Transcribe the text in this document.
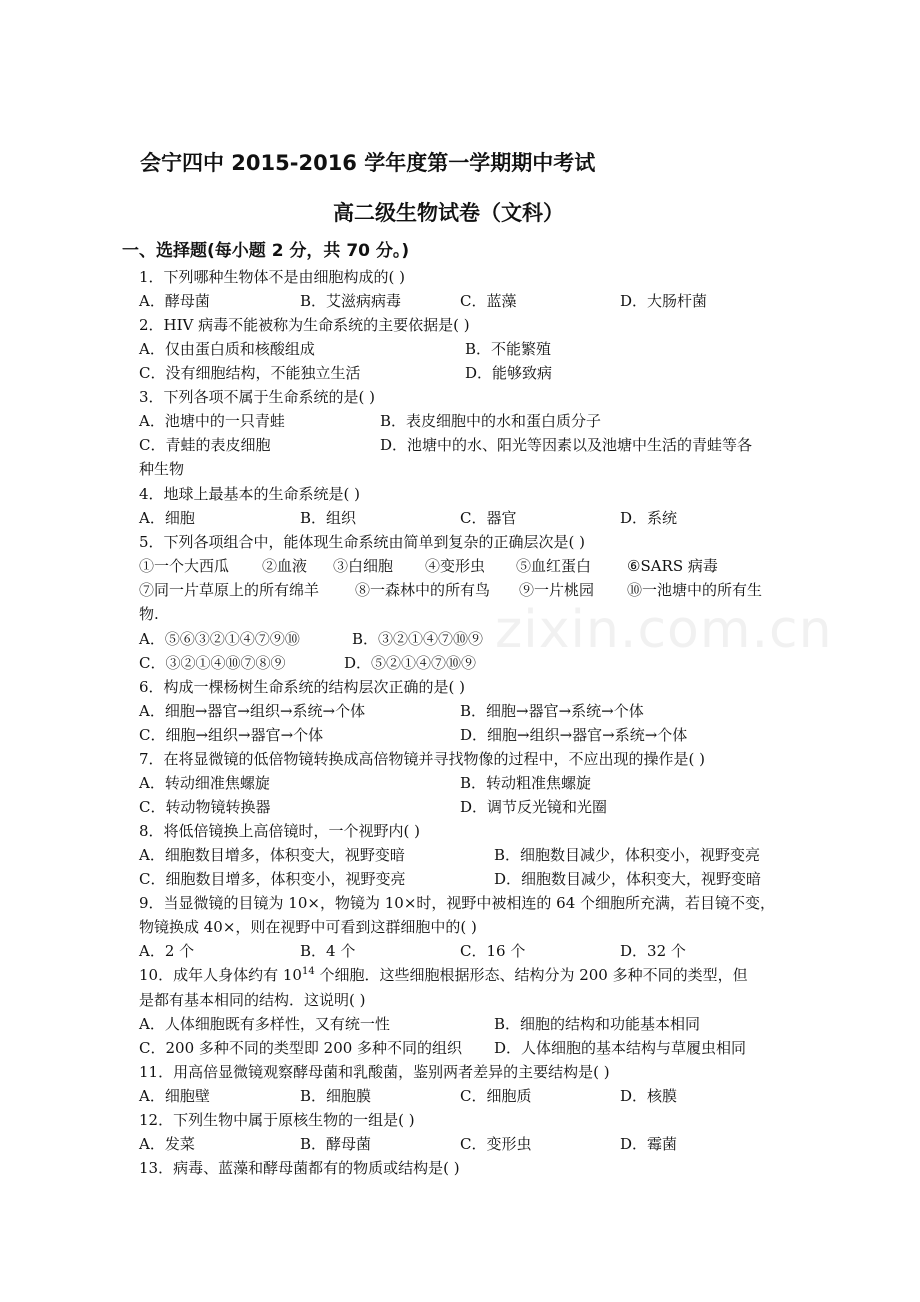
zixin.com.cn
会宁四中 2015-2016 学年度第一学期期中考试
高二级生物试卷（文科）
一、选择题(每小题 2 分，共 70 分。)
1．下列哪种生物体不是由细胞构成的( )
A．酵母菌	B．艾滋病病毒	C．蓝藻	D．大肠杆菌
2．HIV 病毒不能被称为生命系统的主要依据是( )
A．仅由蛋白质和核酸组成	B．不能繁殖
C．没有细胞结构，不能独立生活	D．能够致病
3．下列各项不属于生命系统的是( )
A．池塘中的一只青蛙	B．表皮细胞中的水和蛋白质分子
C．青蛙的表皮细胞	D．池塘中的水、阳光等因素以及池塘中生活的青蛙等各
种生物
4．地球上最基本的生命系统是( )
A．细胞	B．组织	C．器官	D．系统
5．下列各项组合中，能体现生命系统由简单到复杂的正确层次是( )
①一个大西瓜 ②血液 ③白细胞 ④变形虫 ⑤血红蛋白 ⑥SARS 病毒
⑦同一片草原上的所有绵羊 ⑧一森林中的所有鸟 ⑨一片桃园 ⑩一池塘中的所有生
物.
A．⑤⑥③②①④⑦⑨⑩	B．③②①④⑦⑩⑨
C．③②①④⑩⑦⑧⑨	D．⑤②①④⑦⑩⑨
6．构成一棵杨树生命系统的结构层次正确的是( )
A．细胞→器官→组织→系统→个体	B．细胞→器官→系统→个体
C．细胞→组织→器官→个体	D．细胞→组织→器官→系统→个体
7．在将显微镜的低倍物镜转换成高倍物镜并寻找物像的过程中，不应出现的操作是( )
A．转动细准焦螺旋	B．转动粗准焦螺旋
C．转动物镜转换器	D．调节反光镜和光圈
8．将低倍镜换上高倍镜时，一个视野内( )
A．细胞数目增多，体积变大，视野变暗	B．细胞数目减少，体积变小，视野变亮
C．细胞数目增多，体积变小，视野变亮	D．细胞数目减少，体积变大，视野变暗
9．当显微镜的目镜为 10×，物镜为 10×时，视野中被相连的 64 个细胞所充满，若目镜不变，
物镜换成 40×，则在视野中可看到这群细胞中的( )
A．2 个	B．4 个	C．16 个	D．32 个
10．成年人身体约有 $10^{14}$ 个细胞．这些细胞根据形态、结构分为 200 多种不同的类型，但
是都有基本相同的结构．这说明( )
A．人体细胞既有多样性，又有统一性	B．细胞的结构和功能基本相同
C．200 多种不同的类型即 200 多种不同的组织 D．人体细胞的基本结构与草履虫相同
11．用高倍显微镜观察酵母菌和乳酸菌，鉴别两者差异的主要结构是( )
A．细胞壁	B．细胞膜	C．细胞质	D．核膜
12．下列生物中属于原核生物的一组是( )
A．发菜	B．酵母菌	C．变形虫	D．霉菌
13．病毒、蓝藻和酵母菌都有的物质或结构是( )
